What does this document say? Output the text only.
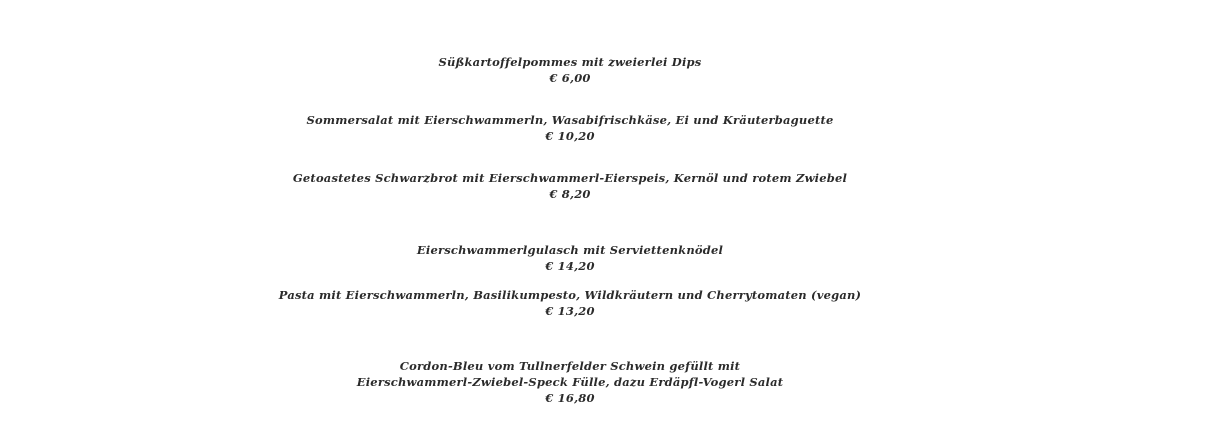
Süßkartoffelpommes mit zweierlei Dips
€ 6,00
Sommersalat mit Eierschwammerln, Wasabifrischkäse, Ei und Kräuterbaguette
€ 10,20
Getoastetes Schwarzbrot mit Eierschwammerl-Eierspeis, Kernöl und rotem Zwiebel
€ 8,20
Eierschwammerlgulasch mit Serviettenknödel
€ 14,20
Pasta mit Eierschwammerln, Basilikumpesto, Wildkräutern und Cherrytomaten (vegan)
€ 13,20
Cordon-Bleu vom Tullnerfelder Schwein gefüllt mit
Eierschwammerl-Zwiebel-Speck Fülle, dazu Erdäpfl-Vogerl Salat
€ 16,80
